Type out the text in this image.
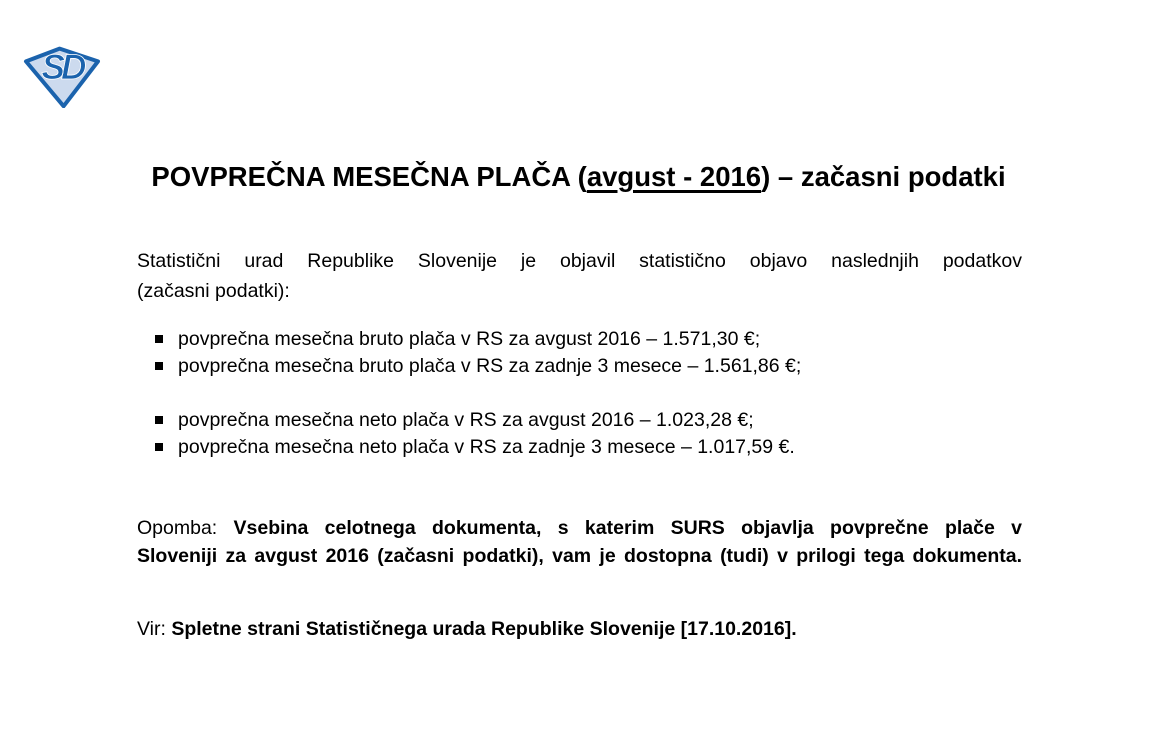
SD
POVPREČNA MESEČNA PLAČA (avgust - 2016) – začasni podatki
Statistični urad Republike Slovenije je objavil statistično objavo naslednjih podatkov
(začasni podatki):
povprečna mesečna bruto plača v RS za avgust 2016 – 1.571,30 €;
povprečna mesečna bruto plača v RS za zadnje 3 mesece – 1.561,86 €;
povprečna mesečna neto plača v RS za avgust 2016 – 1.023,28 €;
povprečna mesečna neto plača v RS za zadnje 3 mesece – 1.017,59 €.
Opomba: Vsebina celotnega dokumenta, s katerim SURS objavlja povprečne plače v
Sloveniji za avgust 2016 (začasni podatki), vam je dostopna (tudi) v prilogi tega dokumenta.
Vir: Spletne strani Statističnega urada Republike Slovenije [17.10.2016].
